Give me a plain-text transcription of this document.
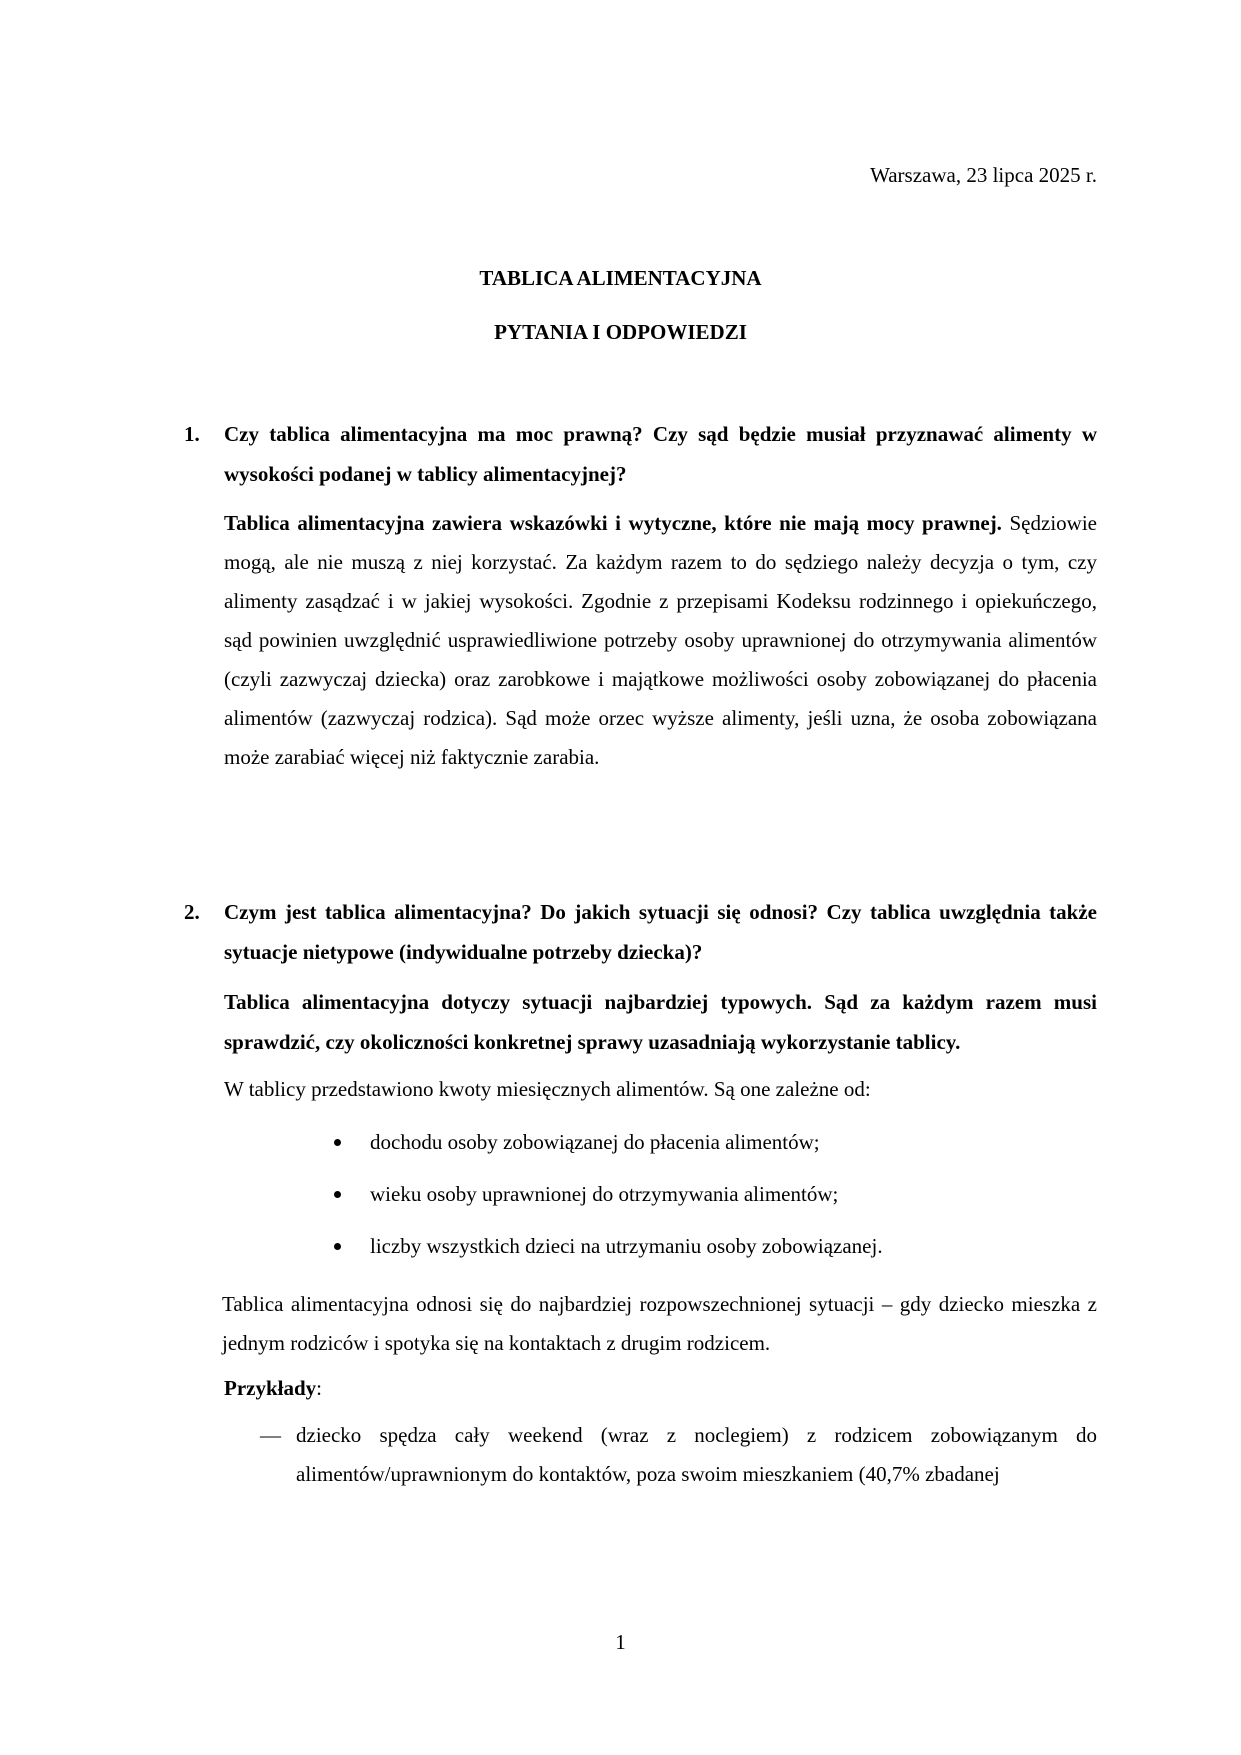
Warszawa, 23 lipca 2025 r.
TABLICA ALIMENTACYJNA
PYTANIA I ODPOWIEDZI
1. Czy tablica alimentacyjna ma moc prawną? Czy sąd będzie musiał przyznawać alimenty w wysokości podanej w tablicy alimentacyjnej?

Tablica alimentacyjna zawiera wskazówki i wytyczne, które nie mają mocy prawnej. Sędziowie mogą, ale nie muszą z niej korzystać. Za każdym razem to do sędziego należy decyzja o tym, czy alimenty zasądzać i w jakiej wysokości. Zgodnie z przepisami Kodeksu rodzinnego i opiekuńczego, sąd powinien uwzględnić usprawiedliwione potrzeby osoby uprawnionej do otrzymywania alimentów (czyli zazwyczaj dziecka) oraz zarobkowe i majątkowe możliwości osoby zobowiązanej do płacenia alimentów (zazwyczaj rodzica). Sąd może orzec wyższe alimenty, jeśli uzna, że osoba zobowiązana może zarabiać więcej niż faktycznie zarabia.

2. Czym jest tablica alimentacyjna? Do jakich sytuacji się odnosi? Czy tablica uwzględnia także sytuacje nietypowe (indywidualne potrzeby dziecka)?

Tablica alimentacyjna dotyczy sytuacji najbardziej typowych. Sąd za każdym razem musi sprawdzić, czy okoliczności konkretnej sprawy uzasadniają wykorzystanie tablicy.

W tablicy przedstawiono kwoty miesięcznych alimentów. Są one zależne od:

dochodu osoby zobowiązanej do płacenia alimentów;
wieku osoby uprawnionej do otrzymywania alimentów;
liczby wszystkich dzieci na utrzymaniu osoby zobowiązanej.

Tablica alimentacyjna odnosi się do najbardziej rozpowszechnionej sytuacji – gdy dziecko mieszka z jednym rodziców i spotyka się na kontaktach z drugim rodzicem.

Przykłady:

— dziecko spędza cały weekend (wraz z noclegiem) z rodzicem zobowiązanym do alimentów/uprawnionym do kontaktów, poza swoim mieszkaniem (40,7% zbadanej
1
